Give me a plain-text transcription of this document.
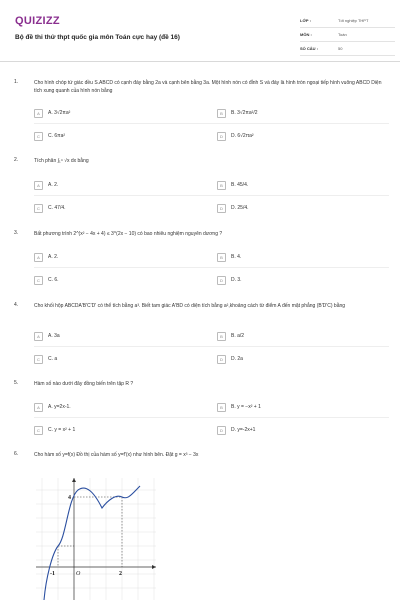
QUIZIZZ
Bộ đề thi thử thpt quốc gia môn Toán cực hay (đề 16)
LỚP :	Tốt nghiệp THPT
MÔN :	Toán
SỐ CÂU :	50
1.	Cho hình chóp tứ giác đều S.ABCD có cạnh đáy bằng 2a và cạnh bên bằng 3a. Một hình nón có đỉnh S và đáy là hình tròn ngoại tiếp hình vuông ABCD Diện tích xung quanh của hình nón bằng
A	A. 3√2πa²	B	B. 3√2πa²/2
C	C. 6πa²	D	D. 6√2πa²
2.	Tích phân ∫₁⁴ √x dx bằng
A	A. 2.	B	B. 45/4.
C	C. 47/4.	D	D. 25/4.
3.	Bất phương trình 2^(x² − 4x + 4) ≤ 3^(2x − 10) có bao nhiêu nghiệm nguyên dương ?
A	A. 2.	B	B. 4.
C	C. 6.	D	D. 3.
4.	Cho khối hộp ABCDA'B'C'D' có thể tích bằng a³. Biết tam giác A'BD có diện tích bằng a²,khoảng cách từ điểm A đến mặt phẳng (B'D'C) bằng
A	A. 3a	B	B. a/2
C	C. a	D	D. 2a
5.	Hàm số nào dưới đây đồng biến trên tập R ?
A	A. y=2x-1.	B	B. y = −x² + 1
C	C. y = x² + 1	D	D. y=-2x+1
6.	Cho hàm số y=f(x) Đồ thị của hàm số y=f'(x) như hình bên. Đặt g = x³ − 3x
4
2
-1	O
